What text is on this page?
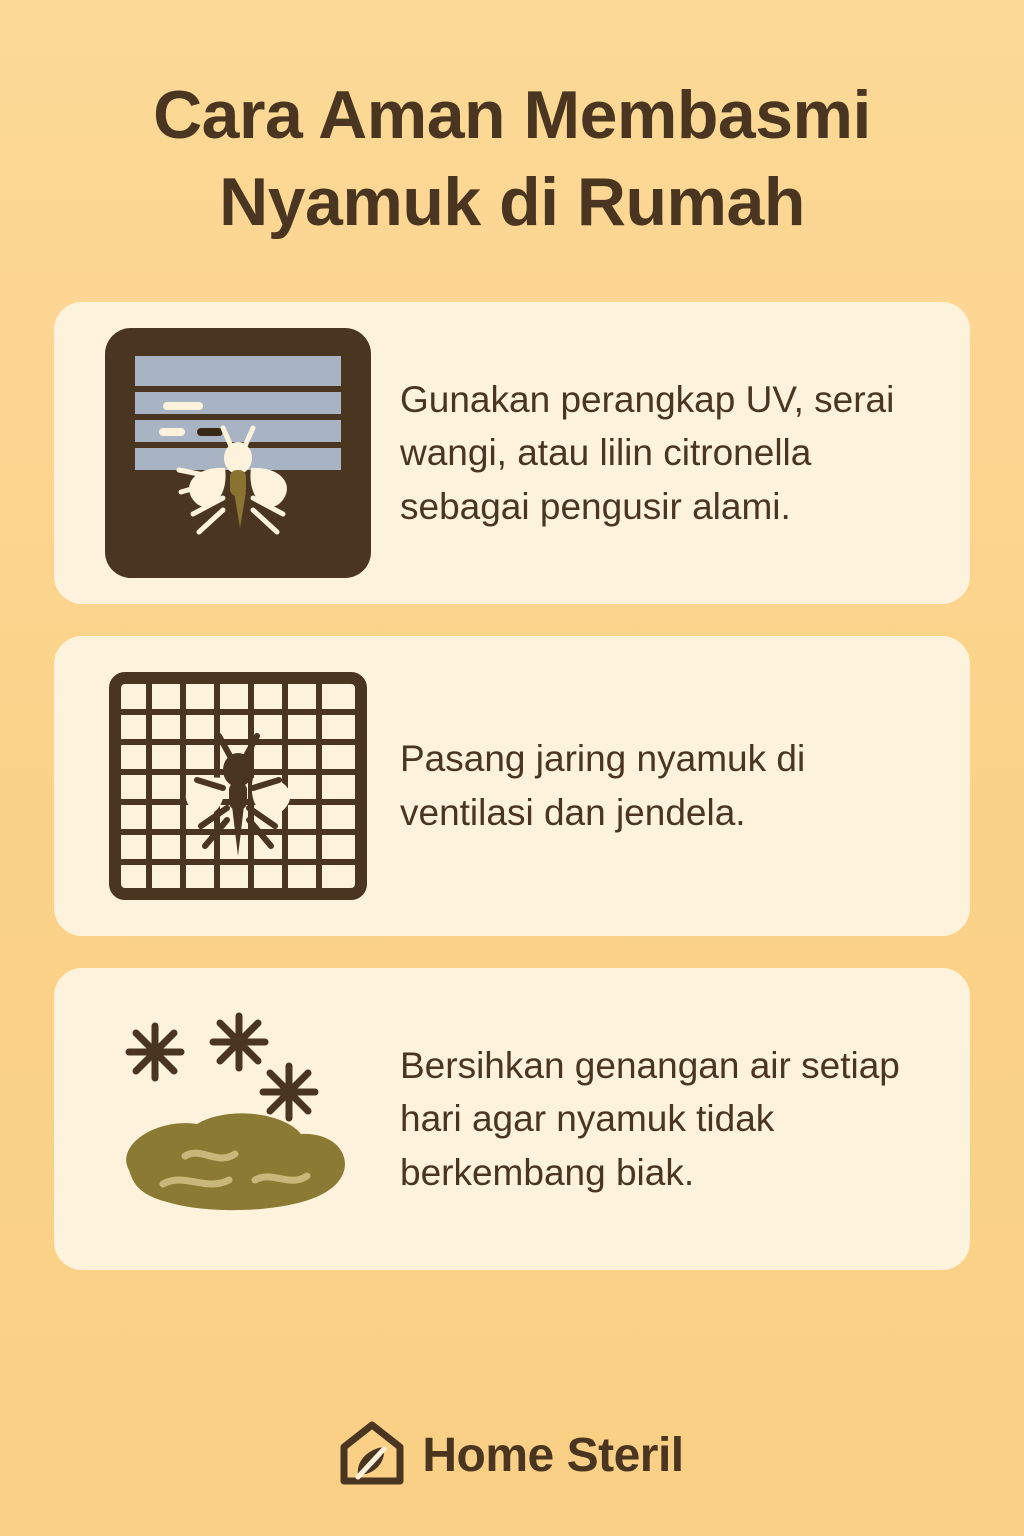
Cara Aman Membasmi Nyamuk di Rumah
Gunakan perangkap UV, serai wangi, atau lilin citronella sebagai pengusir alami.
Pasang jaring nyamuk di ventilasi dan jendela.
Bersihkan genangan air setiap hari agar nyamuk tidak berkembang biak.
Home Steril
